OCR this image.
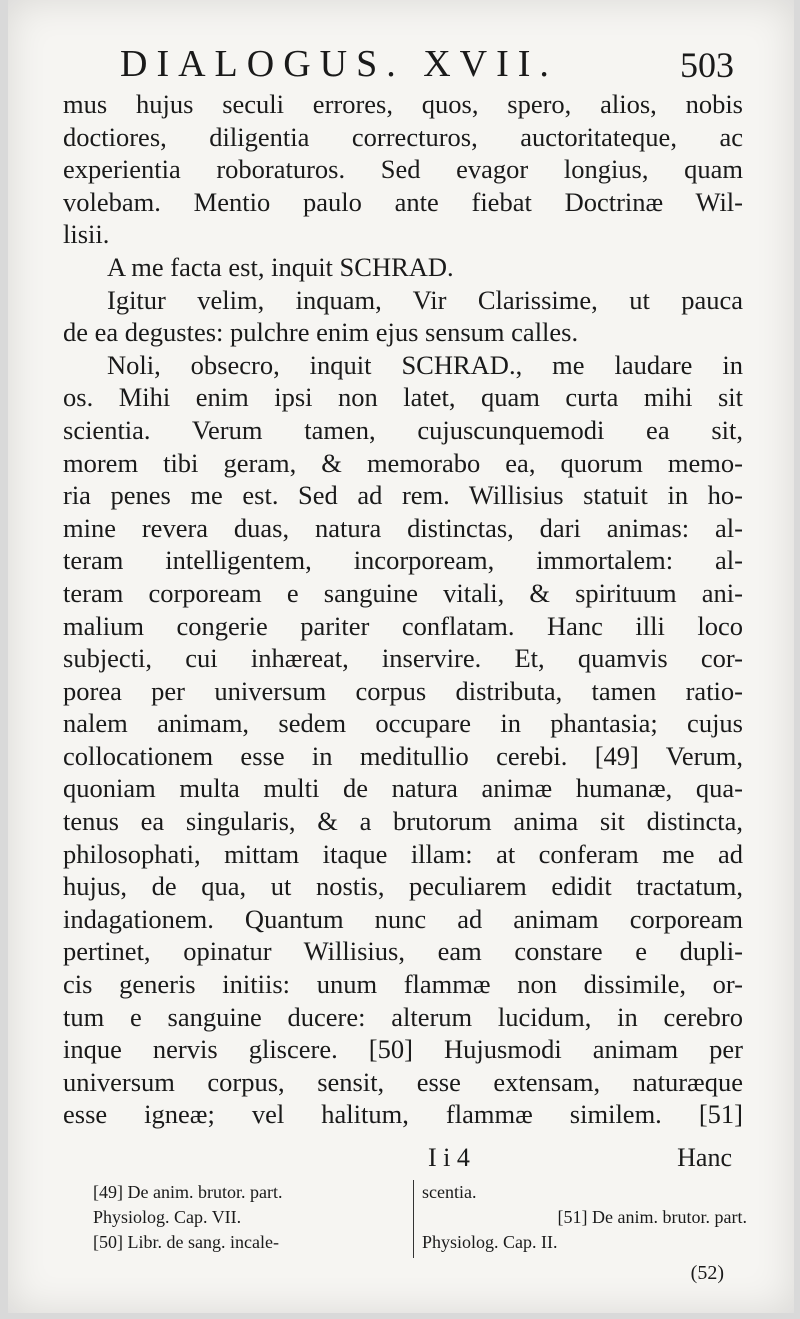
DIALOGUS. XVII.	503
mus hujus seculi errores, quos, spero, alios, nobis
doctiores, diligentia correcturos, auctoritateque, ac
experientia roboraturos. Sed evagor longius, quam
volebam. Mentio paulo ante fiebat Doctrinæ Wil-
lisii.
A me facta est, inquit SCHRAD.
Igitur velim, inquam, Vir Clarissime, ut pauca
de ea degustes: pulchre enim ejus sensum calles.
Noli, obsecro, inquit SCHRAD., me laudare in
os. Mihi enim ipsi non latet, quam curta mihi sit
scientia. Verum tamen, cujuscunquemodi ea sit,
morem tibi geram, & memorabo ea, quorum memo-
ria penes me est. Sed ad rem. Willisius statuit in ho-
mine revera duas, natura distinctas, dari animas: al-
teram intelligentem, incorpoream, immortalem: al-
teram corpoream e sanguine vitali, & spirituum ani-
malium congerie pariter conflatam. Hanc illi loco
subjecti, cui inhæreat, inservire. Et, quamvis cor-
porea per universum corpus distributa, tamen ratio-
nalem animam, sedem occupare in phantasia; cujus
collocationem esse in meditullio cerebi. [49] Verum,
quoniam multa multi de natura animæ humanæ, qua-
tenus ea singularis, & a brutorum anima sit distincta,
philosophati, mittam itaque illam: at conferam me ad
hujus, de qua, ut nostis, peculiarem edidit tractatum,
indagationem. Quantum nunc ad animam corpoream
pertinet, opinatur Willisius, eam constare e dupli-
cis generis initiis: unum flammæ non dissimile, or-
tum e sanguine ducere: alterum lucidum, in cerebro
inque nervis gliscere. [50] Hujusmodi animam per
universum corpus, sensit, esse extensam, naturæque
esse igneæ; vel halitum, flammæ similem. [51]
I i 4	Hanc
[49] De anim. brutor. part.
Physiolog. Cap. VII.
[50] Libr. de sang. incale-
scentia.
[51] De anim. brutor. part.
Physiolog. Cap. II.
(52)
